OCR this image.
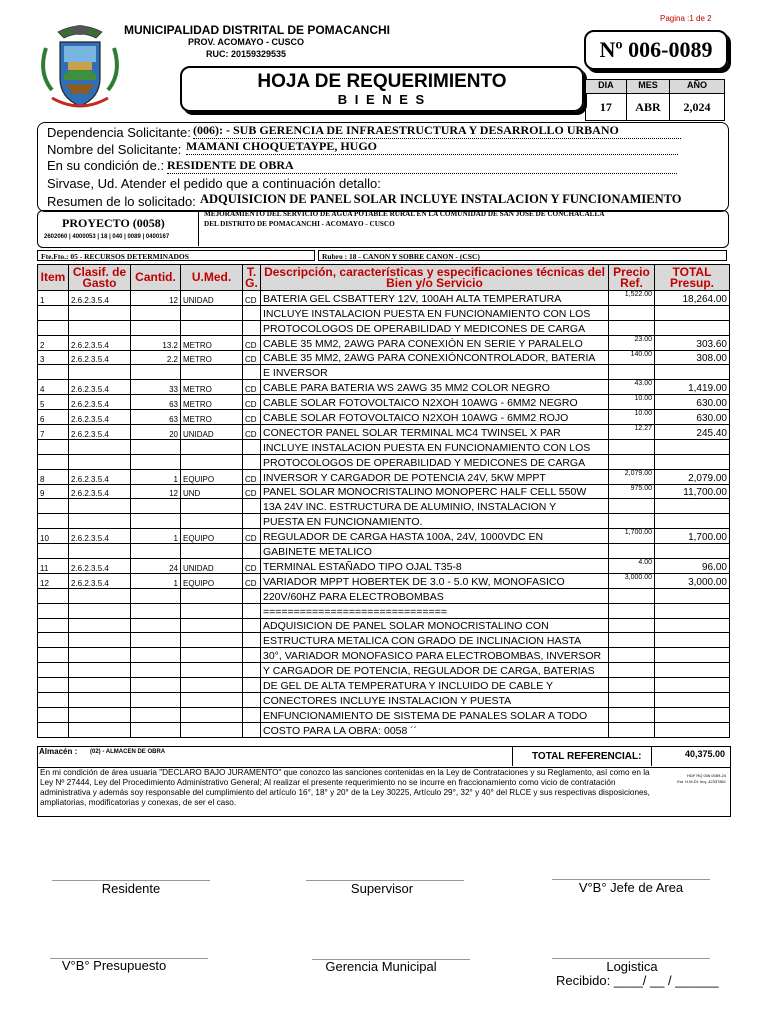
Pagina :1 de 2
MUNICIPALIDAD DISTRITAL DE POMACANCHI
PROV. ACOMAYO - CUSCO
RUC: 20159329535
HOJA DE REQUERIMIENTO
B I E N E S
Nº 006-0089
DIA	MES	AÑO
17	ABR	2,024
Dependencia Solicitante: (006): - SUB GERENCIA DE INFRAESTRUCTURA Y DESARROLLO URBANO
Nombre del Solicitante: MAMANI CHOQUETAYPE, HUGO
En su condición de.: RESIDENTE DE OBRA
Sirvase, Ud. Atender el pedido que a continuación detallo:
Resumen de lo solicitado: ADQUISICION DE PANEL SOLAR INCLUYE INSTALACION Y FUNCIONAMIENTO
PROYECTO (0058)
2602060 | 4000053 | 18 | 040 | 0089 | 0400167
MEJORAMIENTO DEL SERVICIO DE AGUA POTABLE RURAL EN LA COMUNIDAD DE SAN JOSE DE CONCHACALLA
DEL DISTRITO DE POMACANCHI - ACOMAYO - CUSCO
Fte.Fto.: 05 - RECURSOS DETERMINADOS	Rubro : 18 - CANON Y SOBRE CANON - (CSC)
Item	Clasif. de Gasto	Cantid.	U.Med.	T. G.	Descripción, características y especificaciones técnicas del Bien y/o Servicio	Precio Ref.	TOTAL Presup.
1	2.6.2.3.5.4	12	UNIDAD	CD	BATERIA GEL CSBATTERY 12V, 100AH ALTA TEMPERATURA	1,522.00	18,264.00
					INCLUYE INSTALACION PUESTA EN FUNCIONAMIENTO CON LOS		
					PROTOCOLOGOS DE OPERABILIDAD Y MEDICONES DE CARGA		
2	2.6.2.3.5.4	13.2	METRO	CD	CABLE 35 MM2, 2AWG PARA CONEXIÓN EN SERIE Y PARALELO	23.00	303.60
3	2.6.2.3.5.4	2.2	METRO	CD	CABLE 35 MM2, 2AWG PARA CONEXIÓNCONTROLADOR, BATERIA	140.00	308.00
					E INVERSOR		
4	2.6.2.3.5.4	33	METRO	CD	CABLE PARA BATERIA WS 2AWG 35 MM2 COLOR NEGRO	43.00	1,419.00
5	2.6.2.3.5.4	63	METRO	CD	CABLE SOLAR FOTOVOLTAICO N2XOH 10AWG - 6MM2 NEGRO	10.00	630.00
6	2.6.2.3.5.4	63	METRO	CD	CABLE SOLAR FOTOVOLTAICO N2XOH 10AWG - 6MM2 ROJO	10.00	630.00
7	2.6.2.3.5.4	20	UNIDAD	CD	CONECTOR PANEL SOLAR TERMINAL MC4 TWINSEL X PAR	12.27	245.40
					INCLUYE INSTALACION PUESTA EN FUNCIONAMIENTO CON LOS		
					PROTOCOLOGOS DE OPERABILIDAD Y MEDICONES DE CARGA		
8	2.6.2.3.5.4	1	EQUIPO	CD	INVERSOR Y CARGADOR DE POTENCIA 24V, 5KW MPPT	2,079.00	2,079.00
9	2.6.2.3.5.4	12	UND	CD	PANEL SOLAR MONOCRISTALINO MONOPERC HALF CELL 550W	975.00	11,700.00
					13A 24V INC. ESTRUCTURA DE ALUMINIO, INSTALACION Y		
					PUESTA EN FUNCIONAMIENTO.		
10	2.6.2.3.5.4	1	EQUIPO	CD	REGULADOR DE CARGA HASTA 100A, 24V, 1000VDC EN	1,700.00	1,700.00
					GABINETE METALICO		
11	2.6.2.3.5.4	24	UNIDAD	CD	TERMINAL ESTAÑADO TIPO OJAL T35-8	4.00	96.00
12	2.6.2.3.5.4	1	EQUIPO	CD	VARIADOR MPPT HOBERTEK DE 3.0 - 5.0 KW, MONOFASICO	3,000.00	3,000.00
					220V/60HZ PARA ELECTROBOMBAS		
					==============================		
					ADQUISICION DE PANEL SOLAR MONOCRISTALINO CON		
					ESTRUCTURA METALICA CON GRADO DE INCLINACION HASTA		
					30°, VARIADOR MONOFASICO PARA ELECTROBOMBAS, INVERSOR		
					Y CARGADOR DE POTENCIA, REGULADOR DE CARGA, BATERIAS		
					DE GEL DE ALTA TEMPERATURA Y INCLUIDO DE CABLE Y		
					CONECTORES INCLUYE INSTALACION Y PUESTA		
					ENFUNCIONAMIENTO DE SISTEMA DE PANALES SOLAR A TODO		
					COSTO PARA LA OBRA: 0058 ´´		
Almacén : (02) - ALMACEN DE OBRA	TOTAL REFERENCIAL:	40,375.00
En mi condición de área usuaria "DECLARO BAJO JURAMENTO" que conozco las sanciones contenidas en la Ley de Contrataciones y su Reglamento, así como en la Ley Nº 27444, Ley del Procedimiento Administrativo General; Al realizar el presente requerimiento no se incurre en fraccionamiento como vicio de contratación administrativa y además soy responsable del cumplimiento del artículo 16°, 18° y 20° de la Ley 30225, Artículo 29°, 32° y 40° del RLCE y sus respectivas disposiciones, ampliatorias, modificatorias y conexas, de ser el caso.
HDF RQ 006 0089-24
Est. H.M.DI: hrq- 42337861
Residente	Supervisor	V°B° Jefe de Area
V°B° Presupuesto	Gerencia Municipal	Logistica
Recibido: ____/ __ / ______
